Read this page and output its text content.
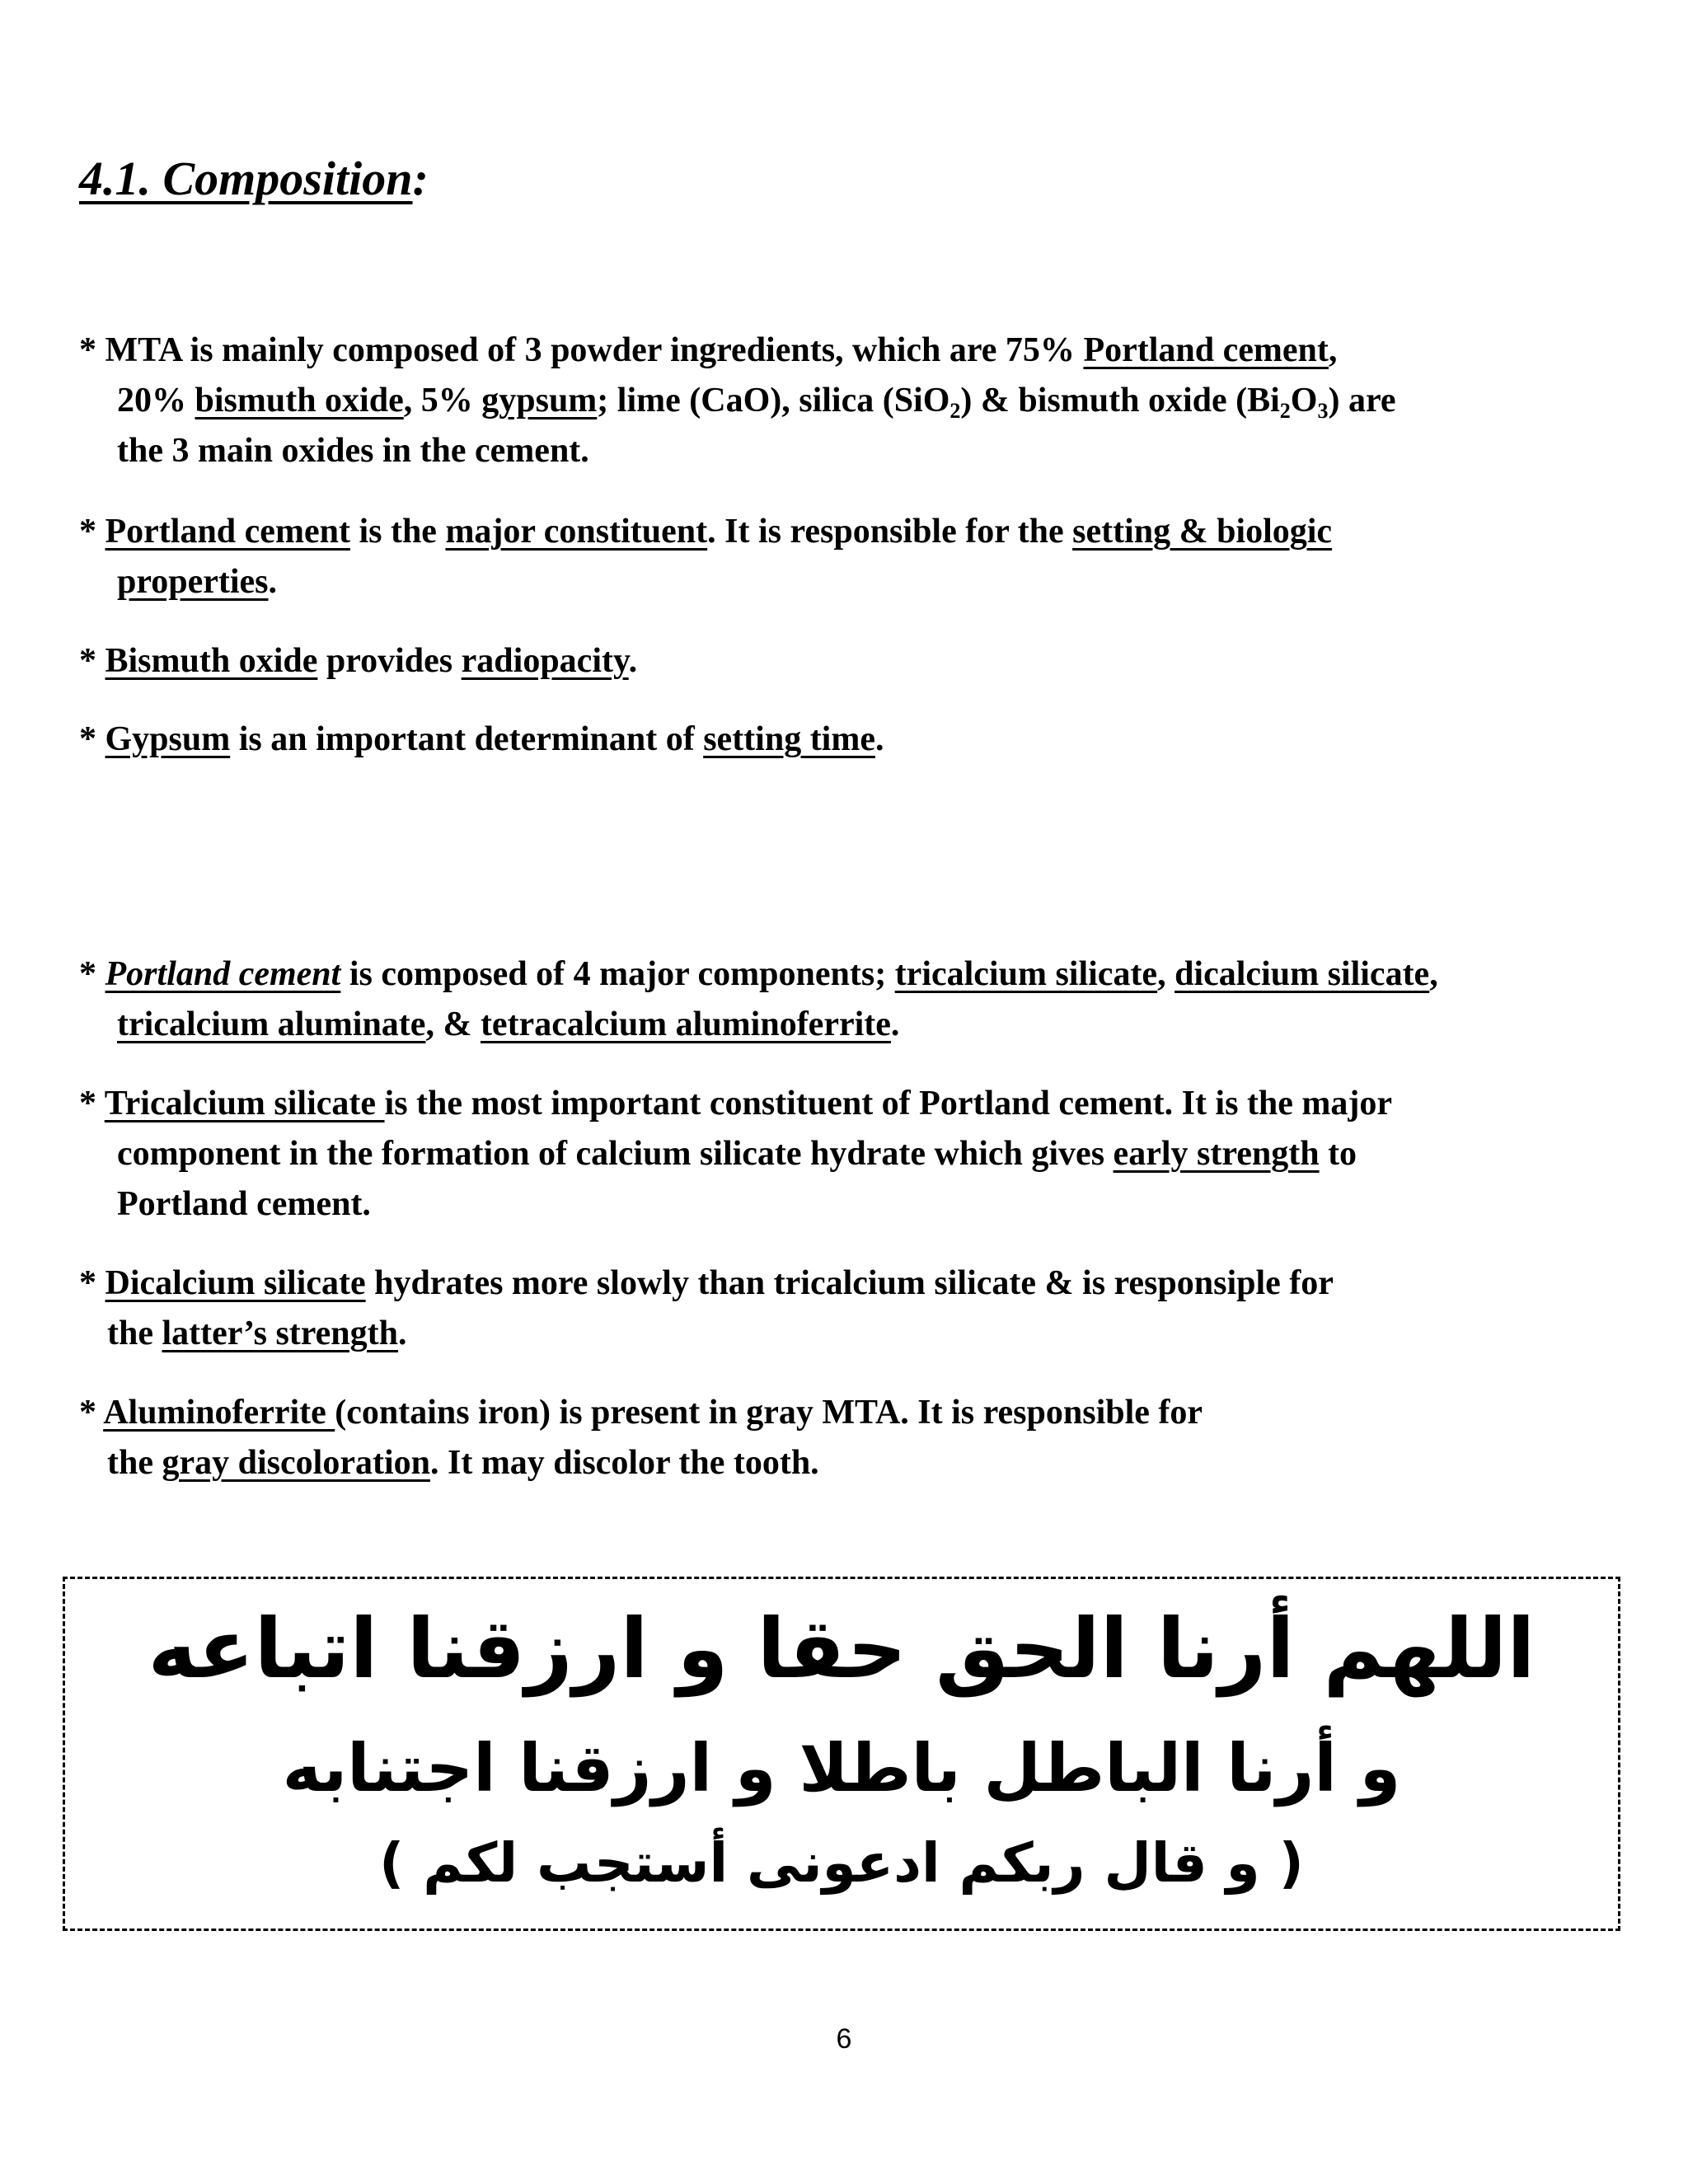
4.1. Composition:

* MTA is mainly composed of 3 powder ingredients, which are 75% Portland cement,
20% bismuth oxide, 5% gypsum; lime (CaO), silica (SiO$_2$) & bismuth oxide $(Bi_2O_3)$ are
the 3 main oxides in the cement.

* Portland cement is the major constituent. It is responsible for the setting & biologic
properties.

* Bismuth oxide provides radiopacity.

* Gypsum is an important determinant of setting time.

* Portland cement is composed of 4 major components; tricalcium silicate, dicalcium silicate,
tricalcium aluminate, & tetracalcium aluminoferrite.

* Tricalcium silicate is the most important constituent of Portland cement. It is the major
component in the formation of calcium silicate hydrate which gives early strength to
Portland cement.

* Dicalcium silicate hydrates more slowly than tricalcium silicate & is responsiple for
the latter’s strength.

* Aluminoferrite (contains iron) is present in gray MTA. It is responsible for
the gray discoloration. It may discolor the tooth.

اللهم أرنا الحق حقا و ارزقنا اتباعه

و أرنا الباطل باطلا و ارزقنا اجتنابه

( و قال ربكم ادعونى أستجب لكم )

6
